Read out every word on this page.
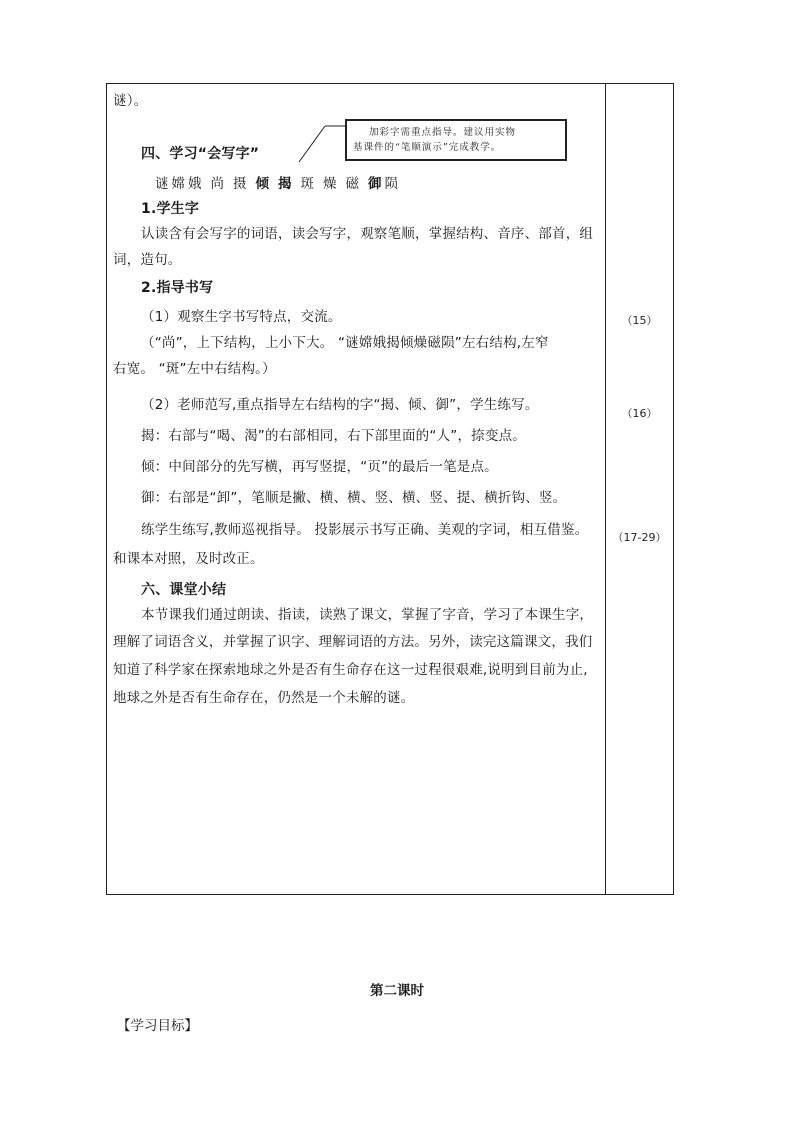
谜）。
四、学习“会写字”
谜 嫦 娥 尚 摄 倾 揭 斑 燥 磁 御 陨
加彩字需重点指导。建议用实物
基课件的“笔顺演示”完成教学。
1.学生字
认读含有会写字的词语，读会写字，观察笔顺，掌握结构、音序、部首，组
词，造句。
2.指导书写
（1）观察生字书写特点，交流。
（“尚”，上下结构，上小下大。 “谜嫦娥揭倾燥磁陨”左右结构,左窄
右宽。 “斑”左中右结构。）
（2）老师范写,重点指导左右结构的字“揭、倾、御”，学生练写。
揭：右部与“喝、渴”的右部相同，右下部里面的“人”，捺变点。
倾：中间部分的先写横，再写竖提，“页”的最后一笔是点。
御：右部是“卸”，笔顺是撇、横、横、竖、横、竖、提、横折钩、竖。
练学生练写,教师巡视指导。 投影展示书写正确、美观的字词，相互借鉴。
和课本对照，及时改正。
六、课堂小结
本节课我们通过朗读、指读，读熟了课文，掌握了字音，学习了本课生字，
理解了词语含义，并掌握了识字、理解词语的方法。另外，读完这篇课文，我们
知道了科学家在探索地球之外是否有生命存在这一过程很艰难,说明到目前为止,
地球之外是否有生命存在，仍然是一个未解的谜。
（15）
（16）
（17-29）
第二课时
【学习目标】
